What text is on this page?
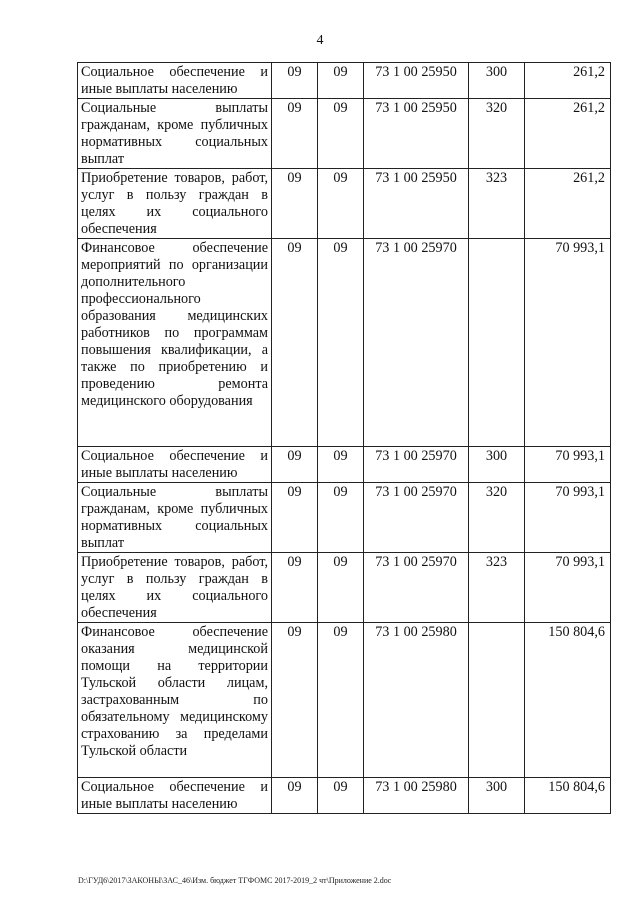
4
Социальное обеспечение и иные выплаты населению	09	09	73 1 00 25950	300	261,2
Социальные выплаты гражданам, кроме публичных нормативных социальных выплат	09	09	73 1 00 25950	320	261,2
Приобретение товаров, работ, услуг в пользу граждан в целях их социального обеспечения	09	09	73 1 00 25950	323	261,2
Финансовое обеспечение мероприятий по организации дополнительного профессионального образования медицинских работников по программам повышения квалификации, а также по приобретению и проведению ремонта медицинского оборудования	09	09	73 1 00 25970		70 993,1
Социальное обеспечение и иные выплаты населению	09	09	73 1 00 25970	300	70 993,1
Социальные выплаты гражданам, кроме публичных нормативных социальных выплат	09	09	73 1 00 25970	320	70 993,1
Приобретение товаров, работ, услуг в пользу граждан в целях их социального обеспечения	09	09	73 1 00 25970	323	70 993,1
Финансовое обеспечение оказания медицинской помощи на территории Тульской области лицам, застрахованным по обязательному медицинскому страхованию за пределами Тульской области	09	09	73 1 00 25980		150 804,6
Социальное обеспечение и иные выплаты населению	09	09	73 1 00 25980	300	150 804,6
D:\ГУД6\2017\ЗАКОНЫ\ЗАС_46\Изм. бюджет ТГФОМС 2017-2019_2 чт\Приложение 2.doc
